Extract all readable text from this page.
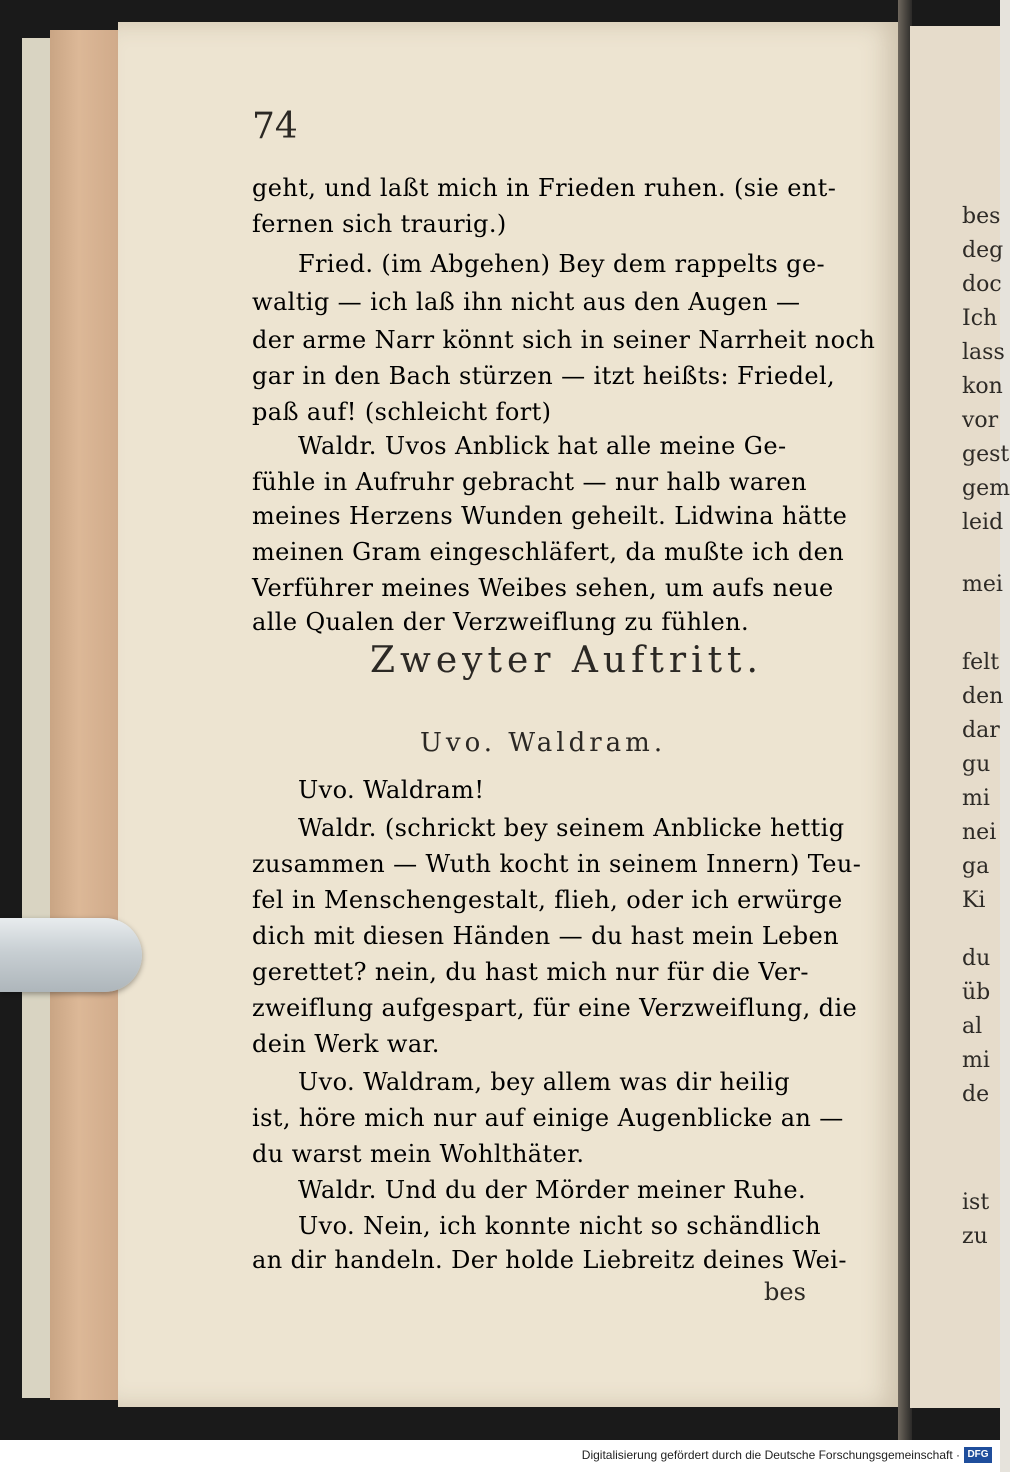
bes
deg
doc
Ich
lass
kon
vor
gest
gem
leid
mei
felt
den
dar
gu
mi
nei
ga
Ki
du
üb
al
mi
de
ist
zu
74
geht, und laßt mich in Frieden ruhen. (sie ent-
fernen sich traurig.)
Fried. (im Abgehen) Bey dem rappelts ge-
waltig — ich laß ihn nicht aus den Augen —
der arme Narr könnt sich in seiner Narrheit noch
gar in den Bach stürzen — itzt heißts: Friedel,
paß auf! (schleicht fort)
Waldr. Uvos Anblick hat alle meine Ge-
fühle in Aufruhr gebracht — nur halb waren
meines Herzens Wunden geheilt. Lidwina hätte
meinen Gram eingeschläfert, da mußte ich den
Verführer meines Weibes sehen, um aufs neue
alle Qualen der Verzweiflung zu fühlen.
Zweyter Auftritt.
Uvo. Waldram.
Uvo. Waldram!
Waldr. (schrickt bey seinem Anblicke hettig
zusammen — Wuth kocht in seinem Innern) Teu-
fel in Menschengestalt, flieh, oder ich erwürge
dich mit diesen Händen — du hast mein Leben
gerettet? nein, du hast mich nur für die Ver-
zweiflung aufgespart, für eine Verzweiflung, die
dein Werk war.
Uvo. Waldram, bey allem was dir heilig
ist, höre mich nur auf einige Augenblicke an —
du warst mein Wohlthäter.
Waldr. Und du der Mörder meiner Ruhe.
Uvo. Nein, ich konnte nicht so schändlich
an dir handeln. Der holde Liebreitz deines Wei-
bes
Digitalisierung gefördert durch die Deutsche Forschungsgemeinschaft · DFG
